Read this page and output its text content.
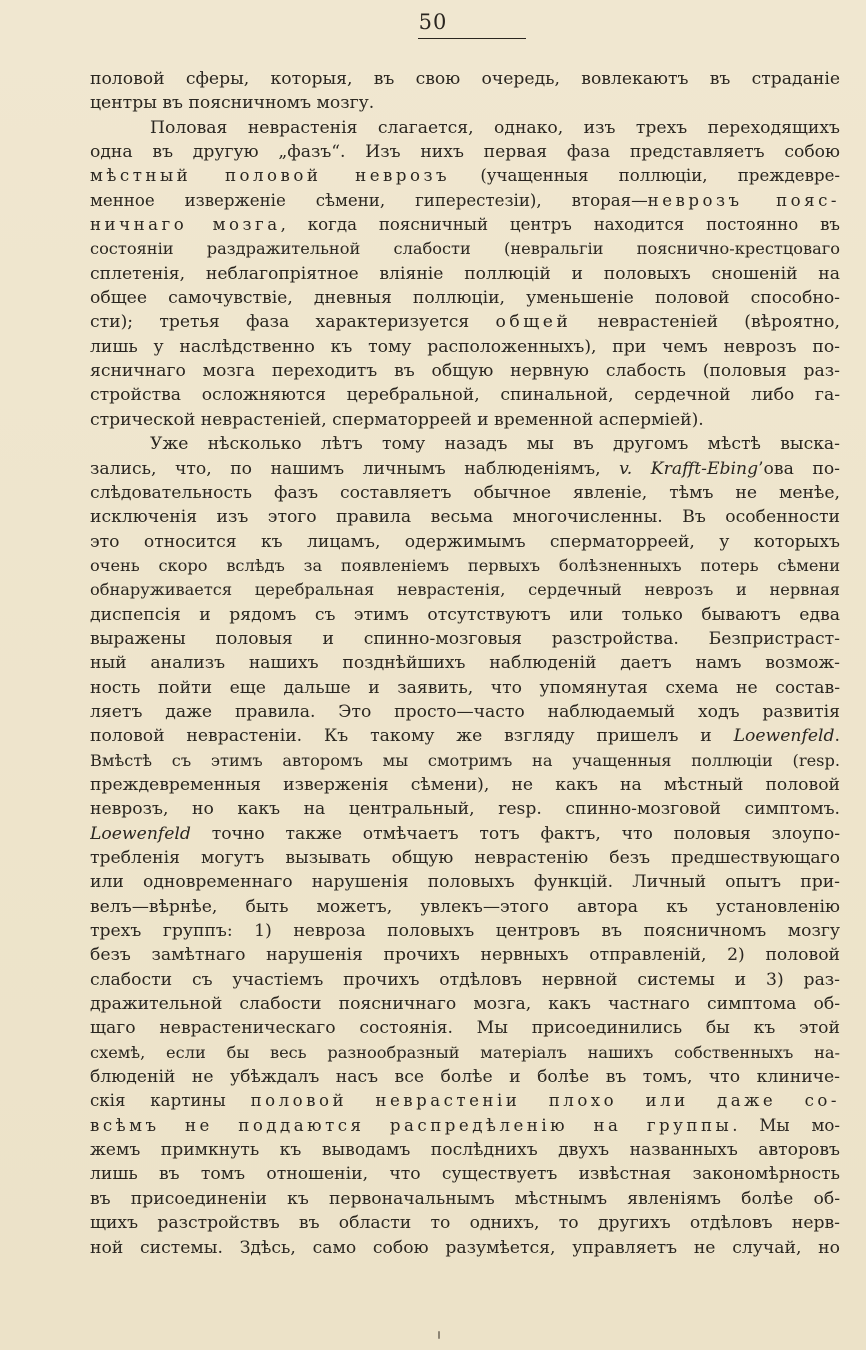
50
половой сферы, которыя, въ свою очередь, вовлекаютъ въ страданіе
центры въ поясничномъ мозгу.
Половая неврастенія слагается, однако, изъ трехъ переходящихъ
одна въ другую „фазъ“. Изъ нихъ первая фаза представляетъ собою
мѣстный половой неврозъ (учащенныя поллюціи, преждевре-
менное изверженіе сѣмени, гиперестезіи), вторая—неврозъ пояс-
ничнаго мозга, когда поясничный центръ находится постоянно въ
состояніи раздражительной слабости (невральгіи пояснично-крестцоваго
сплетенія, неблагопріятное вліяніе поллюцій и половыхъ сношеній на
общее самочувствіе, дневныя поллюціи, уменьшеніе половой способно-
сти); третья фаза характеризуется общей неврастеніей (вѣроятно,
лишь у наслѣдственно къ тому расположенныхъ), при чемъ неврозъ по-
ясничнаго мозга переходитъ въ общую нервную слабость (половыя раз-
стройства осложняются церебральной, спинальной, сердечной либо га-
стрической неврастеніей, сперматорреей и временной аспермiей).
Уже нѣсколько лѣтъ тому назадъ мы въ другомъ мѣстѣ выска-
зались, что, по нашимъ личнымъ наблюденіямъ, v. Krafft-Ebing’ова по-
слѣдовательность фазъ составляетъ обычное явленіе, тѣмъ не менѣе,
исключенія изъ этого правила весьма многочисленны. Въ особенности
это относится къ лицамъ, одержимымъ сперматорреей, у которыхъ
очень скоро вслѣдъ за появленіемъ первыхъ болѣзненныхъ потерь сѣмени
обнаруживается церебральная неврастенія, сердечный неврозъ и нервная
диспепсія и рядомъ съ этимъ отсутствуютъ или только бываютъ едва
выражены половыя и спинно-мозговыя разстройства. Безпристраст-
ный анализъ нашихъ позднѣйшихъ наблюденій даетъ намъ возмож-
ность пойти еще дальше и заявить, что упомянутая схема не состав-
ляетъ даже правила. Это просто—часто наблюдаемый ходъ развитія
половой неврастеніи. Къ такому же взгляду пришелъ и Loewenfeld.
Вмѣстѣ съ этимъ авторомъ мы смотримъ на учащенныя поллюціи (resp.
преждевременныя изверженія сѣмени), не какъ на мѣстный половой
неврозъ, но какъ на центральный, resp. спинно-мозговой симптомъ.
Loewenfeld точно также отмѣчаетъ тотъ фактъ, что половыя злоупо-
требленія могутъ вызывать общую неврастенію безъ предшествующаго
или одновременнаго нарушенія половыхъ функцій. Личный опытъ при-
велъ—вѣрнѣе, быть можетъ, увлекъ—этого автора къ установленію
трехъ группъ: 1) невроза половыхъ центровъ въ поясничномъ мозгу
безъ замѣтнаго нарушенія прочихъ нервныхъ отправленій, 2) половой
слабости съ участіемъ прочихъ отдѣловъ нервной системы и 3) раз-
дражительной слабости поясничнаго мозга, какъ частнаго симптома об-
щаго неврастеническаго состоянія. Мы присоединились бы къ этой
схемѣ, если бы весь разнообразный матеріалъ нашихъ собственныхъ на-
блюденій не убѣждалъ насъ все болѣе и болѣе въ томъ, что клиниче-
скія картины половой неврастеніи плохо или даже со-
всѣмъ не поддаются распредѣленію на группы. Мы мо-
жемъ примкнуть къ выводамъ послѣднихъ двухъ названныхъ авторовъ
лишь въ томъ отношеніи, что существуетъ извѣстная закономѣрность
въ присоединеніи къ первоначальнымъ мѣстнымъ явленіямъ болѣе об-
щихъ разстройствъ въ области то однихъ, то другихъ отдѣловъ нерв-
ной системы. Здѣсь, само собою разумѣется, управляетъ не случай, но
